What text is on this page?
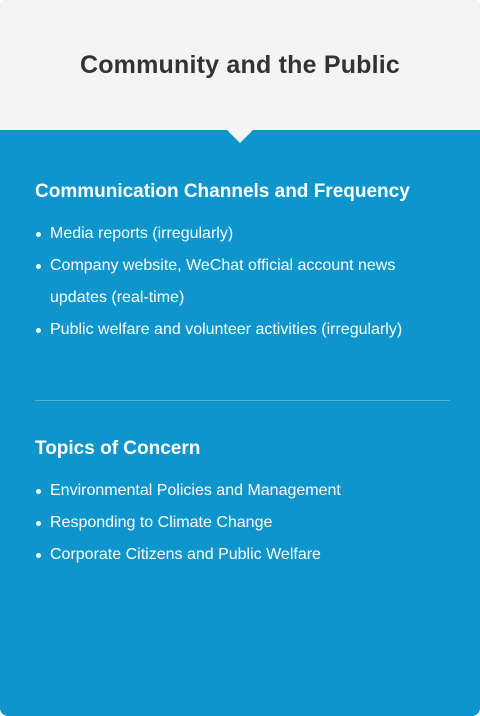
Community and the Public
Communication Channels and Frequency
Media reports (irregularly)
Company website, WeChat official account news updates (real-time)
Public welfare and volunteer activities (irregularly)
Topics of Concern
Environmental Policies and Management
Responding to Climate Change
Corporate Citizens and Public Welfare
